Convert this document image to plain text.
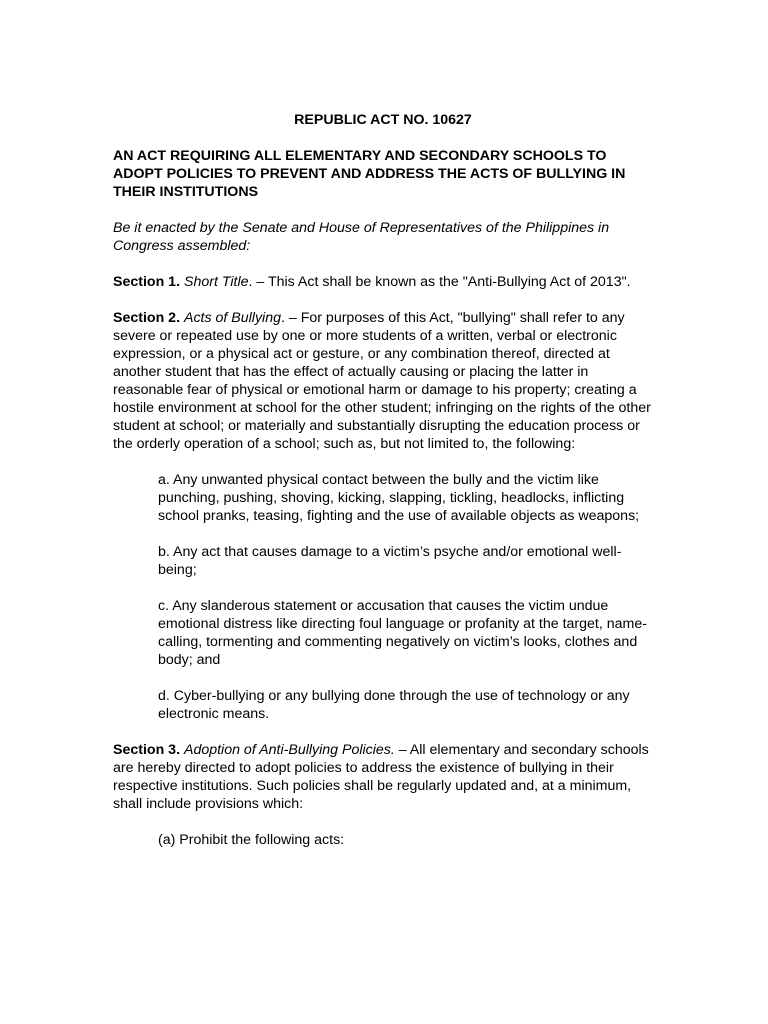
REPUBLIC ACT NO. 10627
AN ACT REQUIRING ALL ELEMENTARY AND SECONDARY SCHOOLS TO ADOPT POLICIES TO PREVENT AND ADDRESS THE ACTS OF BULLYING IN THEIR INSTITUTIONS
Be it enacted by the Senate and House of Representatives of the Philippines in Congress assembled:
Section 1. Short Title. – This Act shall be known as the "Anti-Bullying Act of 2013".
Section 2. Acts of Bullying. – For purposes of this Act, "bullying" shall refer to any severe or repeated use by one or more students of a written, verbal or electronic expression, or a physical act or gesture, or any combination thereof, directed at another student that has the effect of actually causing or placing the latter in reasonable fear of physical or emotional harm or damage to his property; creating a hostile environment at school for the other student; infringing on the rights of the other student at school; or materially and substantially disrupting the education process or the orderly operation of a school; such as, but not limited to, the following:
a. Any unwanted physical contact between the bully and the victim like punching, pushing, shoving, kicking, slapping, tickling, headlocks, inflicting school pranks, teasing, fighting and the use of available objects as weapons;
b. Any act that causes damage to a victim’s psyche and/or emotional well-being;
c. Any slanderous statement or accusation that causes the victim undue emotional distress like directing foul language or profanity at the target, name-calling, tormenting and commenting negatively on victim’s looks, clothes and body; and
d. Cyber-bullying or any bullying done through the use of technology or any electronic means.
Section 3. Adoption of Anti-Bullying Policies. – All elementary and secondary schools are hereby directed to adopt policies to address the existence of bullying in their respective institutions. Such policies shall be regularly updated and, at a minimum, shall include provisions which:
(a) Prohibit the following acts:
